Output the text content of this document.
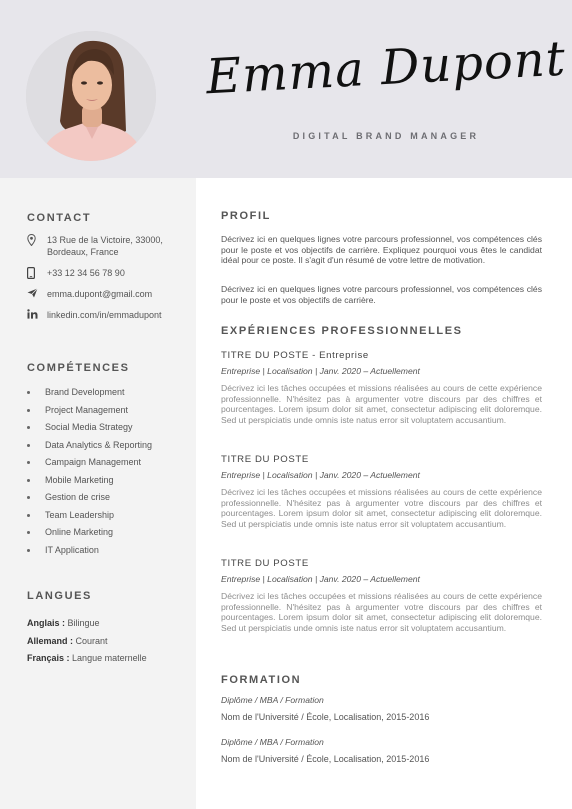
Emma Dupont
DIGITAL BRAND MANAGER
CONTACT
13 Rue de la Victoire, 33000, Bordeaux, France
+33 12 34 56 78 90
emma.dupont@gmail.com
linkedin.com/in/emmadupont
COMPÉTENCES
Brand Development
Project Management
Social Media Strategy
Data Analytics & Reporting
Campaign Management
Mobile Marketing
Gestion de crise
Team Leadership
Online Marketing
IT Application
LANGUES
Anglais : Bilingue
Allemand : Courant
Français : Langue maternelle
PROFIL

Décrivez ici en quelques lignes votre parcours professionnel, vos compétences clés pour le poste et vos objectifs de carrière. Expliquez pourquoi vous êtes le candidat idéal pour ce poste. Il s'agit d'un résumé de votre lettre de motivation.

Décrivez ici en quelques lignes votre parcours professionnel, vos compétences clés pour le poste et vos objectifs de carrière.

EXPÉRIENCES PROFESSIONNELLES
TITRE DU POSTE - Entreprise
Entreprise | Localisation | Janv. 2020 – Actuellement
Décrivez ici les tâches occupées et missions réalisées au cours de cette expérience professionnelle. N'hésitez pas à argumenter votre discours par des chiffres et pourcentages. Lorem ipsum dolor sit amet, consectetur adipiscing elit doloremque. Sed ut perspiciatis unde omnis iste natus error sit voluptatem accusantium.
TITRE DU POSTE
Entreprise | Localisation | Janv. 2020 – Actuellement
Décrivez ici les tâches occupées et missions réalisées au cours de cette expérience professionnelle. N'hésitez pas à argumenter votre discours par des chiffres et pourcentages. Lorem ipsum dolor sit amet, consectetur adipiscing elit doloremque. Sed ut perspiciatis unde omnis iste natus error sit voluptatem accusantium.
TITRE DU POSTE
Entreprise | Localisation | Janv. 2020 – Actuellement
Décrivez ici les tâches occupées et missions réalisées au cours de cette expérience professionnelle. N'hésitez pas à argumenter votre discours par des chiffres et pourcentages. Lorem ipsum dolor sit amet, consectetur adipiscing elit doloremque. Sed ut perspiciatis unde omnis iste natus error sit voluptatem accusantium.
FORMATION
Diplôme / MBA / Formation
Nom de l'Université / École, Localisation, 2015-2016
Diplôme / MBA / Formation
Nom de l'Université / École, Localisation, 2015-2016
